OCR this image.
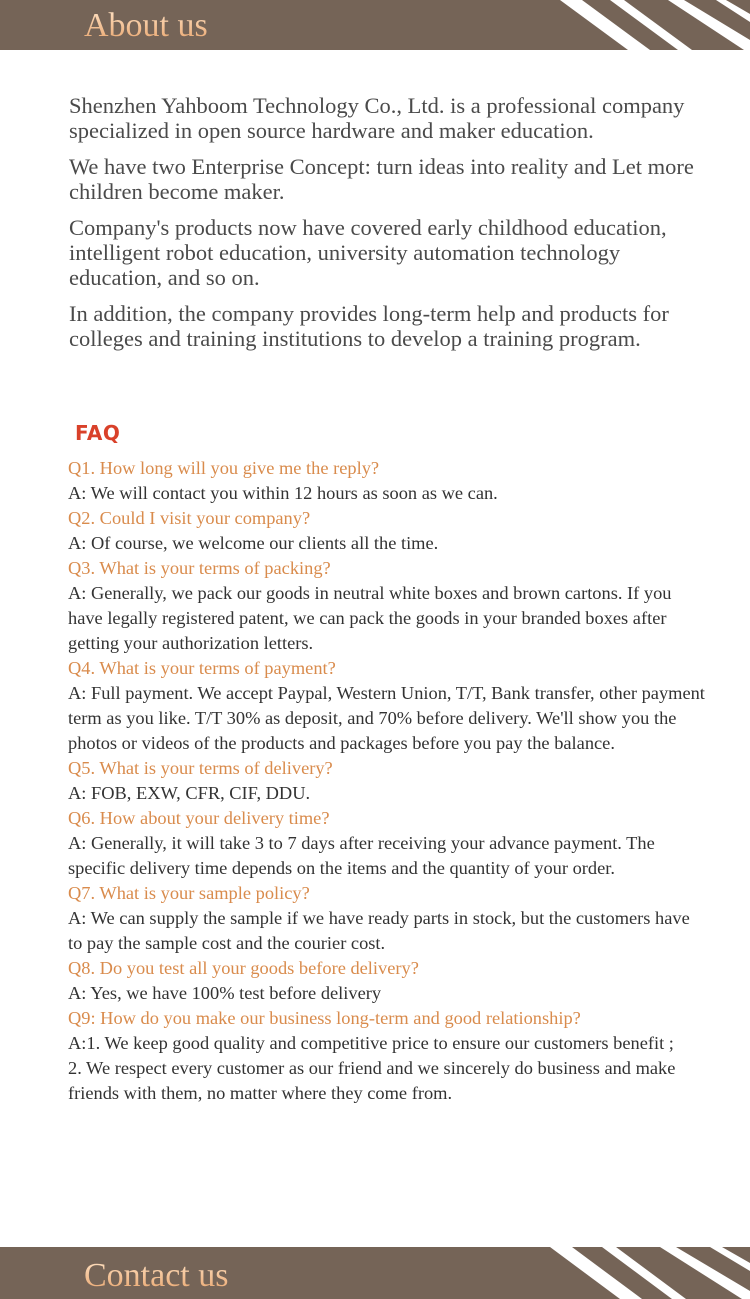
About us

Shenzhen Yahboom Technology Co., Ltd. is a professional company specialized in open source hardware and maker education.

We have two Enterprise Concept: turn ideas into reality and Let more children become maker.

Company's products now have covered early childhood education, intelligent robot education, university automation technology education, and so on.

In addition, the company provides long-term help and products for colleges and training institutions to develop a training program.

FAQ
Q1. How long will you give me the reply?
A: We will contact you within 12 hours as soon as we can.
Q2. Could I visit your company?
A: Of course, we welcome our clients all the time.
Q3. What is your terms of packing?
A: Generally, we pack our goods in neutral white boxes and brown cartons. If you have legally registered patent, we can pack the goods in your branded boxes after getting your authorization letters.
Q4. What is your terms of payment?
A: Full payment. We accept Paypal, Western Union, T/T, Bank transfer, other payment term as you like. T/T 30% as deposit, and 70% before delivery. We'll show you the photos or videos of the products and packages before you pay the balance.
Q5. What is your terms of delivery?
A: FOB, EXW, CFR, CIF, DDU.
Q6. How about your delivery time?
A: Generally, it will take 3 to 7 days after receiving your advance payment. The specific delivery time depends on the items and the quantity of your order.
Q7. What is your sample policy?
A: We can supply the sample if we have ready parts in stock, but the customers have to pay the sample cost and the courier cost.
Q8. Do you test all your goods before delivery?
A: Yes, we have 100% test before delivery
Q9: How do you make our business long-term and good relationship?
A:1. We keep good quality and competitive price to ensure our customers benefit ;
2. We respect every customer as our friend and we sincerely do business and make friends with them, no matter where they come from.
Contact us
